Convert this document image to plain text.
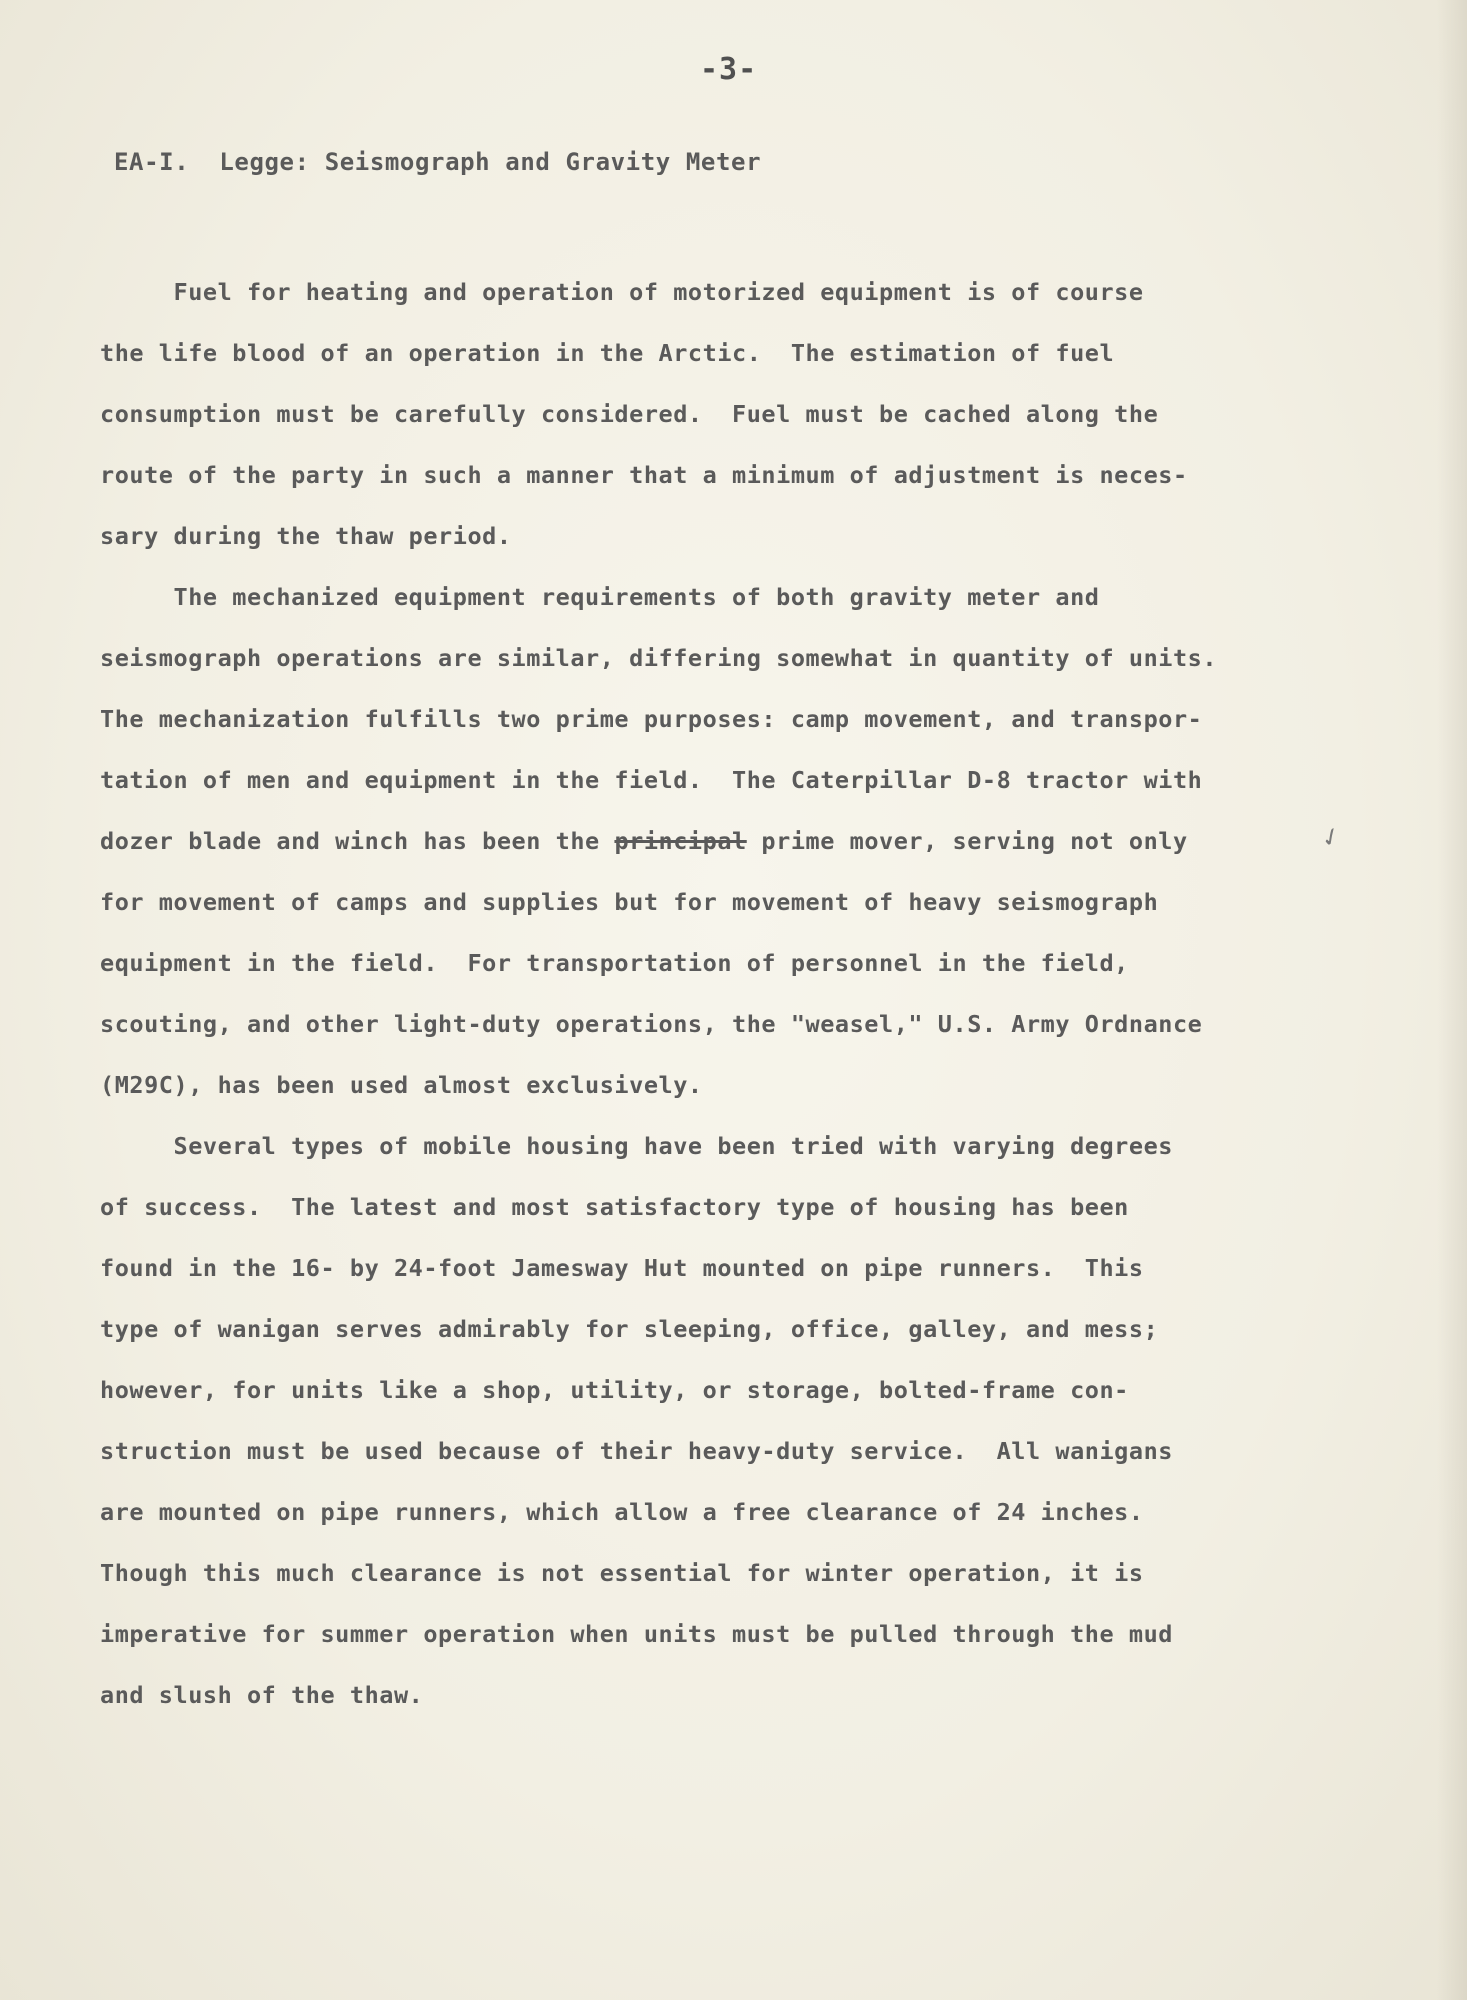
-3-
EA-I.  Legge: Seismograph and Gravity Meter
Fuel for heating and operation of motorized equipment is of course
the life blood of an operation in the Arctic.  The estimation of fuel
consumption must be carefully considered.  Fuel must be cached along the
route of the party in such a manner that a minimum of adjustment is neces-
sary during the thaw period.
The mechanized equipment requirements of both gravity meter and
seismograph operations are similar, differing somewhat in quantity of units.
The mechanization fulfills two prime purposes: camp movement, and transpor-
tation of men and equipment in the field.  The Caterpillar D-8 tractor with
dozer blade and winch has been the principal prime mover, serving not only
for movement of camps and supplies but for movement of heavy seismograph
equipment in the field.  For transportation of personnel in the field,
scouting, and other light-duty operations, the "weasel," U.S. Army Ordnance
(M29C), has been used almost exclusively.
Several types of mobile housing have been tried with varying degrees
of success.  The latest and most satisfactory type of housing has been
found in the 16- by 24-foot Jamesway Hut mounted on pipe runners.  This
type of wanigan serves admirably for sleeping, office, galley, and mess;
however, for units like a shop, utility, or storage, bolted-frame con-
struction must be used because of their heavy-duty service.  All wanigans
are mounted on pipe runners, which allow a free clearance of 24 inches.
Though this much clearance is not essential for winter operation, it is
imperative for summer operation when units must be pulled through the mud
and slush of the thaw.
✓
